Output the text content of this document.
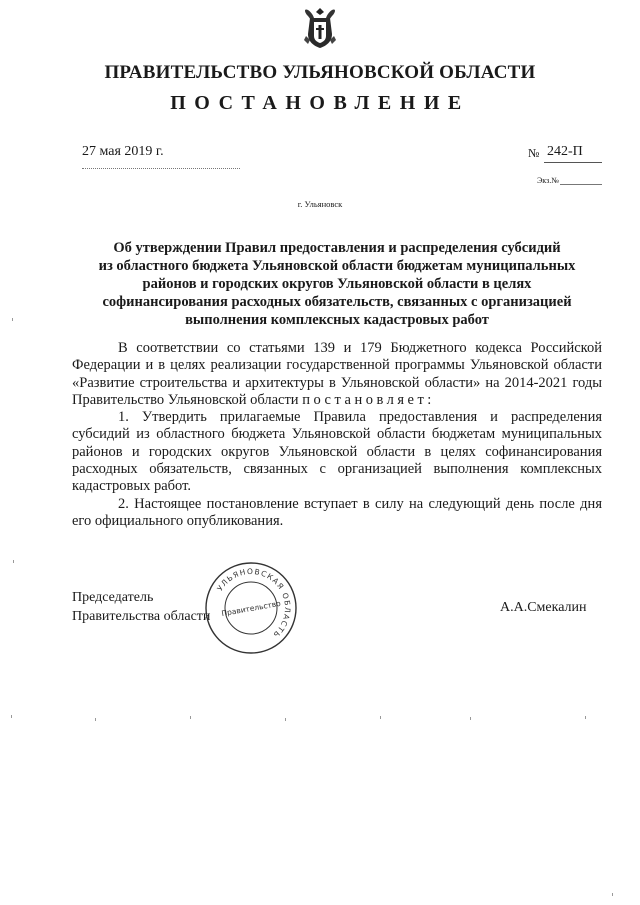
ПРАВИТЕЛЬСТВО УЛЬЯНОВСКОЙ ОБЛАСТИ
ПОСТАНОВЛЕНИЕ
27 мая 2019 г.	№ 242-П
Экз.№
г. Ульяновск
Об утверждении Правил предоставления и распределения субсидий
из областного бюджета Ульяновской области бюджетам муниципальных
районов и городских округов Ульяновской области в целях
софинансирования расходных обязательств, связанных с организацией
выполнения комплексных кадастровых работ

В соответствии со статьями 139 и 179 Бюджетного кодекса Российской Федерации и в целях реализации государственной программы Ульяновской области «Развитие строительства и архитектуры в Ульяновской области» на 2014-2021 годы Правительство Ульяновской области постановляет:

1. Утвердить прилагаемые Правила предоставления и распределения субсидий из областного бюджета Ульяновской области бюджетам муниципальных районов и городских округов Ульяновской области в целях софинансирования расходных обязательств, связанных с организацией выполнения комплексных кадастровых работ.

2. Настоящее постановление вступает в силу на следующий день после дня его официального опубликования.

Председатель
Правительства области
А.А.Смекалин
УЛЬЯНОВСКАЯ ОБЛАСТЬ
Правительство
